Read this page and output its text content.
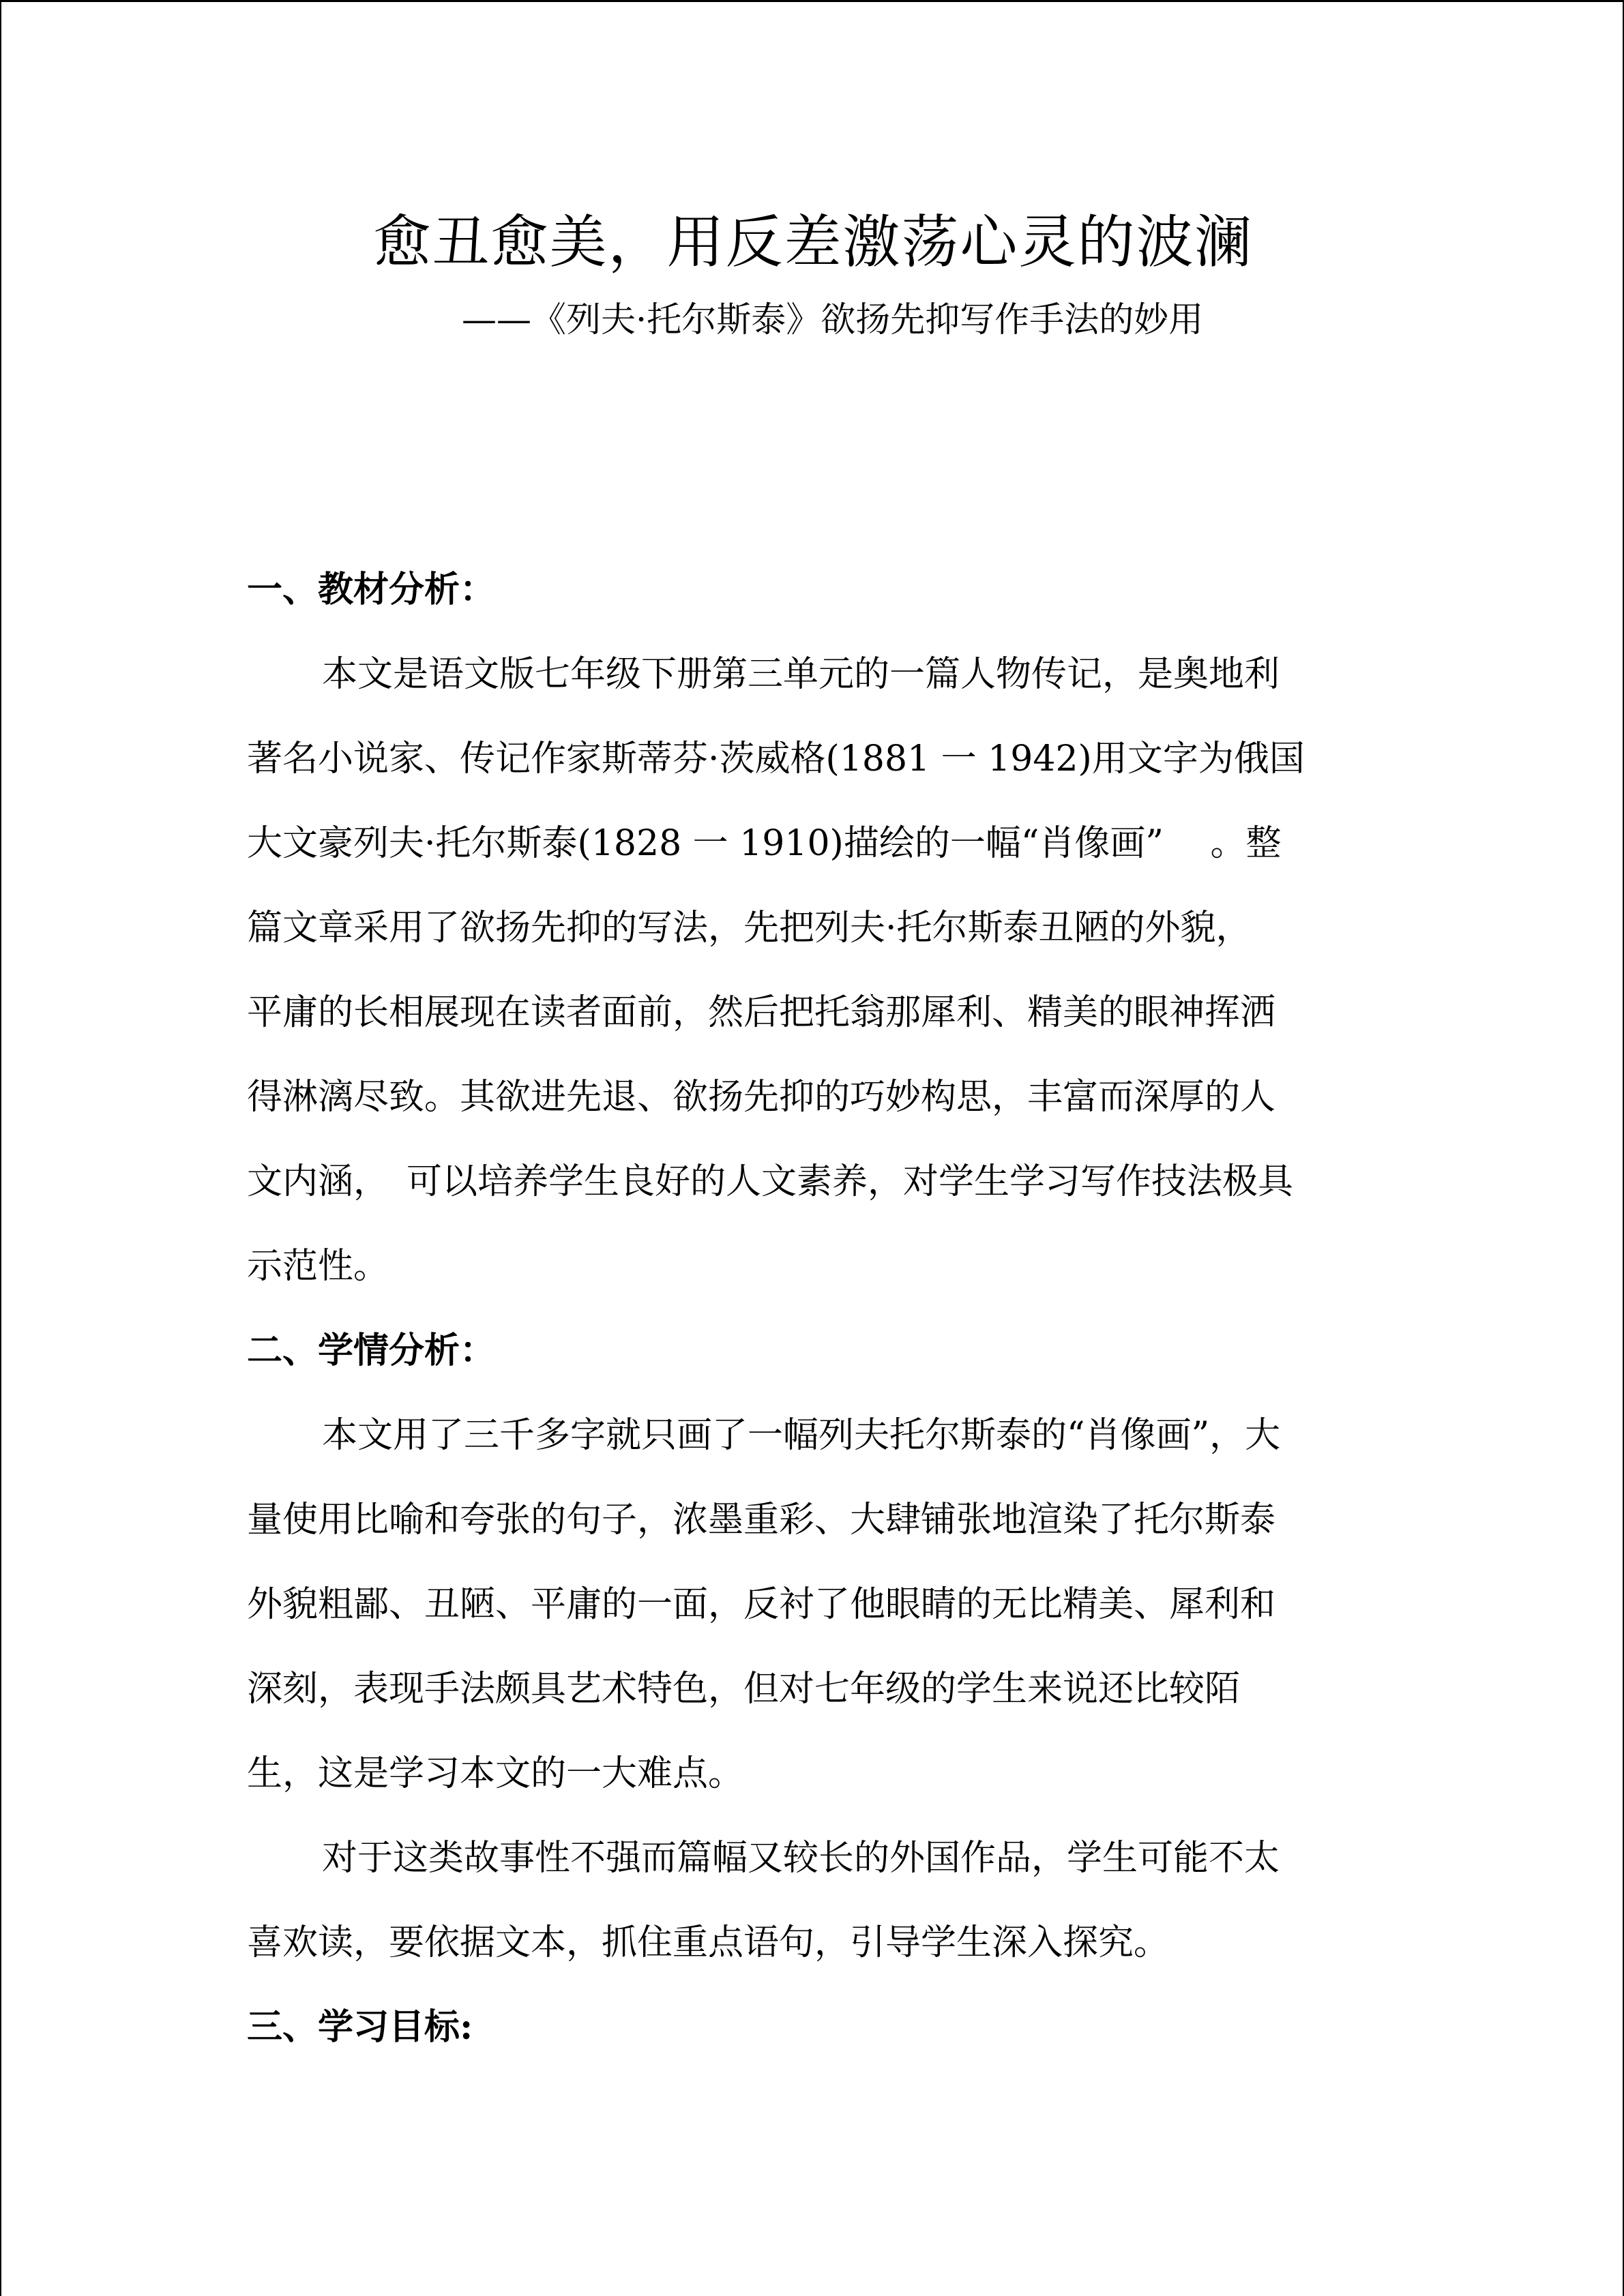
愈丑愈美，用反差激荡心灵的波澜
——《列夫·托尔斯泰》欲扬先抑写作手法的妙用
一、教材分析：
本文是语文版七年级下册第三单元的一篇人物传记，是奥地利
著名小说家、传记作家斯蒂芬·茨威格(1881 一 1942)用文字为俄国
大文豪列夫·托尔斯泰(1828 一 1910)描绘的一幅“肖像画”　 。整
篇文章采用了欲扬先抑的写法，先把列夫·托尔斯泰丑陋的外貌，
平庸的长相展现在读者面前，然后把托翁那犀利、精美的眼神挥洒
得淋漓尽致。其欲进先退、欲扬先抑的巧妙构思，丰富而深厚的人
文内涵，　可以培养学生良好的人文素养，对学生学习写作技法极具
示范性。
二、学情分析：
本文用了三千多字就只画了一幅列夫托尔斯泰的“肖像画”，大
量使用比喻和夸张的句子，浓墨重彩、大肆铺张地渲染了托尔斯泰
外貌粗鄙、丑陋、平庸的一面，反衬了他眼睛的无比精美、犀利和
深刻，表现手法颇具艺术特色，但对七年级的学生来说还比较陌
生，这是学习本文的一大难点。
对于这类故事性不强而篇幅又较长的外国作品，学生可能不太
喜欢读，要依据文本，抓住重点语句，引导学生深入探究。
三、学习目标:
